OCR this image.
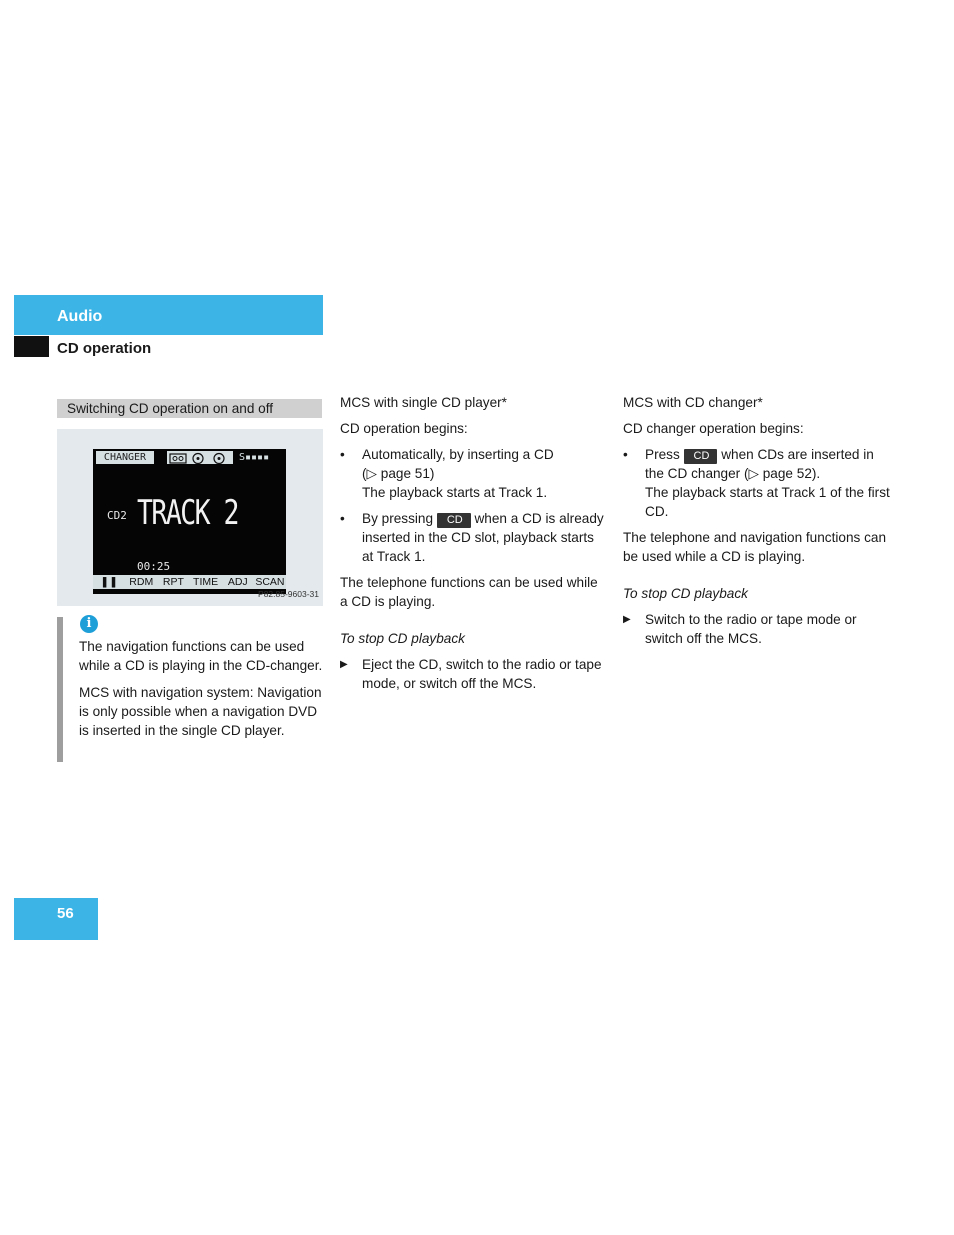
Audio
CD operation
Switching CD operation on and off
CHANGER	S▪▪▪▪
CD2 TRACK 2
00:25
❚❚	RDM RPT TIME ADJ SCAN
P82.85-9603-31
i

The navigation functions can be used while a CD is playing in the CD-changer.

MCS with navigation system: Navigation is only possible when a navigation DVD is inserted in the single CD player.

MCS with single CD player*

CD operation begins:

• Automatically, by inserting a CD
(▷ page 51)
The playback starts at Track 1.
• By pressing CD when a CD is already inserted in the CD slot, playback starts at Track 1.

The telephone functions can be used while a CD is playing.

To stop CD playback

▶ Eject the CD, switch to the radio or tape mode, or switch off the MCS.

MCS with CD changer*

CD changer operation begins:

• Press CD when CDs are inserted in the CD changer (▷ page 52).
The playback starts at Track 1 of the first CD.

The telephone and navigation functions can be used while a CD is playing.

To stop CD playback

▶ Switch to the radio or tape mode or switch off the MCS.
56
